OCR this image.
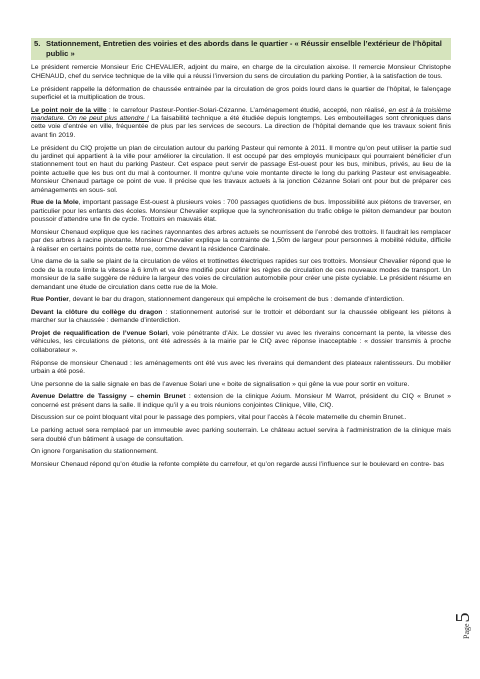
5. Stationnement, Entretien des voiries et des abords dans le quartier - « Réussir enselble l’extérieur de l’hôpital public »

Le président remercie Monsieur Eric CHEVALIER, adjoint du maire, en charge de la circulation aixoise. Il remercie Monsieur Christophe CHENAUD, chef du service technique de la ville qui a réussi l’inversion du sens de circulation du parking Pontier, à la satisfaction de tous.

Le président rappelle la déformation de chaussée entrainée par la circulation de gros poids lourd dans le quartier de l’hôpital, le faïençage superficiel et la multiplication de trous.

Le point noir de la ville : le carrefour Pasteur-Pontier-Solari-Cézanne. L’aménagement étudié, accepté, non réalisé, en est à la troisième mandature. On ne peut plus attendre ! La faisabilité technique a été étudiée depuis longtemps. Les embouteillages sont chroniques dans cette voie d’entrée en ville, fréquentée de plus par les services de secours. La direction de l’hôpital demande que les travaux soient finis avant fin 2019.

Le président du CIQ projette un plan de circulation autour du parking Pasteur qui remonte à 2011. Il montre qu’on peut utiliser la partie sud du jardinet qui appartient à la ville pour améliorer la circulation. Il est occupé par des employés municipaux qui pourraient bénéficier d’un stationnement tout en haut du parking Pasteur. Cet espace peut servir de passage Est-ouest pour les bus, minibus, privés, au lieu de la pointe actuelle que les bus ont du mal à contourner. Il montre qu’une voie montante directe le long du parking Pasteur est envisageable. Monsieur Chenaud partage ce point de vue. Il précise que les travaux actuels à la jonction Cézanne Solari ont pour but de préparer ces aménagements en sous- sol.

Rue de la Mole, important passage Est-ouest à plusieurs voies : 700 passages quotidiens de bus. Impossibilité aux piétons de traverser, en particulier pour les enfants des écoles. Monsieur Chevalier explique que la synchronisation du trafic oblige le piéton demandeur par bouton poussoir d’attendre une fin de cycle. Trottoirs en mauvais état.

Monsieur Chenaud explique que les racines rayonnantes des arbres actuels se nourrissent de l’enrobé des trottoirs. Il faudrait les remplacer par des arbres à racine pivotante. Monsieur Chevalier explique la contrainte de 1,50m de largeur pour personnes à mobilité réduite, difficile à réaliser en certains points de cette rue, comme devant la résidence Cardinale.

Une dame de la salle se plaint de la circulation de vélos et trottinettes électriques rapides sur ces trottoirs. Monsieur Chevalier répond que le code de la route limite la vitesse à 6 km/h et va être modifié pour définir les règles de circulation de ces nouveaux modes de transport. Un monsieur de la salle suggère de réduire la largeur des voies de circulation automobile pour créer une piste cyclable. Le président résume en demandant une étude de circulation dans cette rue de la Mole.

Rue Pontier, devant le bar du dragon, stationnement dangereux qui empêche le croisement de bus : demande d’interdiction.

Devant la clôture du collège du dragon : stationnement autorisé sur le trottoir et débordant sur la chaussée obligeant les piétons à marcher sur la chaussée : demande d’interdiction.

Projet de requalification de l’venue Solari, voie pénétrante d’Aix. Le dossier vu avec les riverains concernant la pente, la vitesse des véhicules, les circulations de piétons, ont été adressés à la mairie par le CIQ avec réponse inacceptable : « dossier transmis à proche collaborateur ».

Réponse de monsieur Chenaud : les aménagements ont été vus avec les riverains qui demandent des plateaux ralentisseurs. Du mobilier urbain a été posé.

Une personne de la salle signale en bas de l’avenue Solari une « boite de signalisation » qui gêne la vue pour sortir en voiture.

Avenue Delattre de Tassigny – chemin Brunet : extension de la clinique Axium. Monsieur M Warrot, président du CIQ « Brunet » concerné est présent dans la salle. Il indique qu’il y a eu trois réunions conjointes Clinique, Ville, CIQ.

Discussion sur ce point bloquant vital pour le passage des pompiers, vital pour l’accès à l’école maternelle du chemin Brunet..

Le parking actuel sera remplacé par un immeuble avec parking souterrain. Le château actuel servira à l’administration de la clinique mais sera doublé d’un bâtiment à usage de consultation.

On ignore l’organisation du stationnement.

Monsieur Chenaud répond qu’on étudie la refonte complète du carrefour, et qu’on regarde aussi l’influence sur le boulevard en contre- bas

Page
5
